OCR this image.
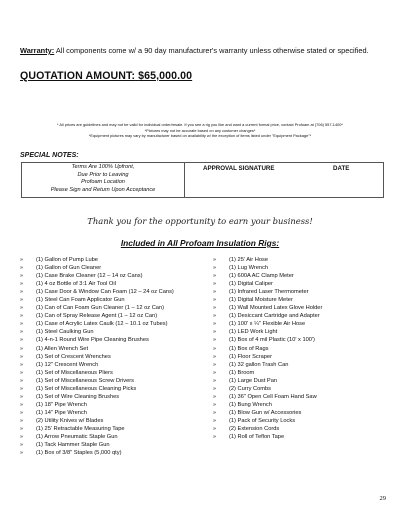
Warranty: All components come w/ a 90 day manufacturer's warranty unless otherwise stated or specified.
QUOTATION AMOUNT: $65,000.00
* All prices are guidelines and may not be valid for individual order/resale. If you see a rig you like and want a current formal price, contact Profoam at (706) 557-1400*
*Pictures may not be accurate based on any customer changes*
*Equipment pictures may vary by manufacturer based on availability w/ the exception of items listed under "Equipment Package"*
SPECIAL NOTES:
Terms Are 100% Upfront,
Due Prior to Leaving
Profoam Location
Please Sign and Return Upon Acceptance
APPROVAL SIGNATURE	DATE
Thank you for the opportunity to earn your business!
Included in All Profoam Insulation Rigs:
»	(1) Gallon of Pump Lube
»	(1) Gallon of Gun Cleaner
»	(1) Case Brake Cleaner (12 – 14 oz Cans)
»	(1) 4 oz Bottle of 3:1 Air Tool Oil
»	(1) Case Door & Window Can Foam (12 – 24 oz Cans)
»	(1) Steel Can Foam Applicator Gun
»	(1) Can of Can Foam Gun Cleaner (1 – 12 oz Can)
»	(1) Can of Spray Release Agent (1 – 12 oz Can)
»	(1) Case of Acrylic Latex Caulk (12 – 10.1 oz Tubes)
»	(1) Steel Caulking Gun
»	(1) 4-n-1 Round Wire Pipe Cleaning Brushes
»	(1) Allen Wrench Set
»	(1) Set of Crescent Wrenches
»	(1) 12" Crescent Wrench
»	(1) Set of Miscellaneous Pliers
»	(1) Set of Miscellaneous Screw Drivers
»	(1) Set of Miscellaneous Cleaning Picks
»	(1) Set of Wire Cleaning Brushes
»	(1) 18" Pipe Wrench
»	(1) 14" Pipe Wrench
»	(2) Utility Knives w/ Blades
»	(1) 25' Retractable Measuring Tape
»	(1) Arrow Pneumatic Staple Gun
»	(1) Tack Hammer Staple Gun
»	(1) Box of 3/8" Staples (5,000 qty)
»	(1) 25' Air Hose
»	(1) Lug Wrench
»	(1) 600A AC Clamp Meter
»	(1) Digital Caliper
»	(1) Infrared Laser Thermometer
»	(1) Digital Moisture Meter
»	(1) Wall Mounted Latex Glove Holder
»	(1) Desiccant Cartridge and Adapter
»	(1) 100' x ¼" Flexible Air Hose
»	(1) LED Work Light
»	(1) Box of 4 mil Plastic (10' x 100')
»	(1) Box of Rags
»	(1) Floor Scraper
»	(1) 32 gallon Trash Can
»	(1) Broom
»	(1) Large Dust Pan
»	(2) Curry Combs
»	(1) 36" Open Cell Foam Hand Saw
»	(1) Bung Wrench
»	(1) Blow Gun w/ Accessories
»	(1) Pack of Security Locks
»	(2) Extension Cords
»	(1) Roll of Teflon Tape
29
